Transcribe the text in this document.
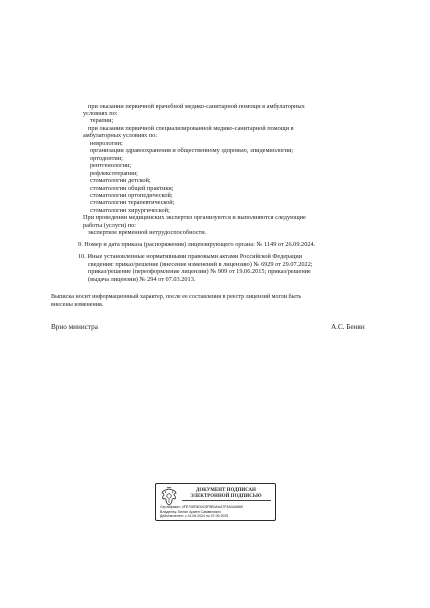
при оказании первичной врачебной медико-санитарной помощи в амбулаторных
условиях по:
терапии;
при оказании первичной специализированной медико-санитарной помощи в
амбулаторных условиях по:
неврологии;
организации здравоохранения и общественному здоровью, эпидемиологии;
ортодонтии;
рентгенологии;
рефлексотерапии;
стоматологии детской;
стоматологии общей практики;
стоматологии ортопедической;
стоматологии терапевтической;
стоматологии хирургической;
При проведении медицинских экспертиз организуются и выполняются следующие
работы (услуги) по:
экспертизе временной нетрудоспособности.
9. Номер и дата приказа (распоряжения) лицензирующего органа: № 1149 от 26.09.2024.
10. Иные установленные нормативными правовыми актами Российской Федерации
сведения: приказ/решение (внесение изменений в лицензию) № 6929 от 29.07.2022;
приказ/решение (переоформление лицензии) № 909 от 19.06.2015; приказ/решение
(выдача лицензии) № 294 от 07.03.2013.
Выписка носит информационный характер, после ее составления в реестр лицензий могли быть
внесены изменения.
Врио министра	А.С. Бенян
ДОКУМЕНТ ПОДПИСАН
ЭЛЕКТРОННОЙ ПОДПИСЬЮ
Сертификат: 4FE708F8D0C5F5B0AAA7F5A34A865
Владелец: Бенян Армен Самвелович
Действителен: с 14.06.2024 по 07.09.2025
